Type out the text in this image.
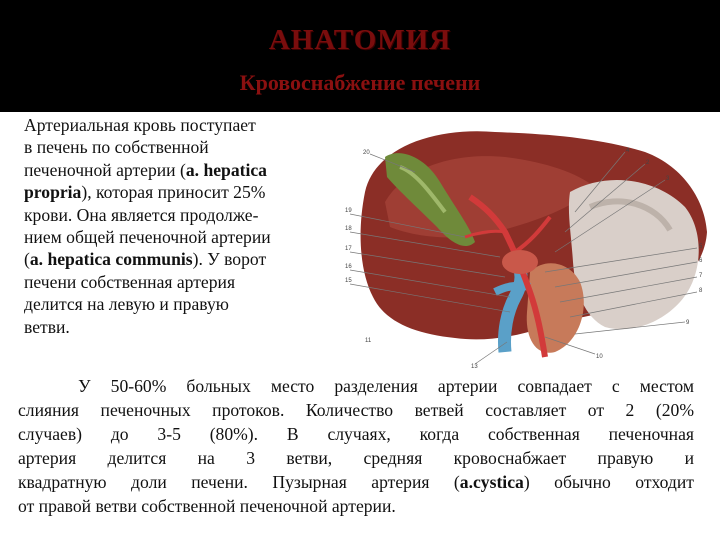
АНАТОМИЯ
Кровоснабжение печени
Артериальная кровь поступает
в печень по собственной
печеночной артерии (a. hepatica
propria), которая приносит 25%
крови. Она является продолже-
нием общей печеночной артерии
(a. hepatica communis). У ворот
печени собственная артерия
делится на левую и правую
ветви.
20
19
18
17
16
15
4
2
3
5
6
7
8
9
10
13
11
У 50-60% больных место разделения артерии совпадает с местом
слияния печеночных протоков. Количество ветвей составляет от 2 (20%
случаев) до 3-5 (80%). В случаях, когда собственная печеночная
артерия делится на 3 ветви, средняя кровоснабжает правую и
квадратную доли печени. Пузырная артерия (a.cystica) обычно отходит
от правой ветви собственной печеночной артерии.
